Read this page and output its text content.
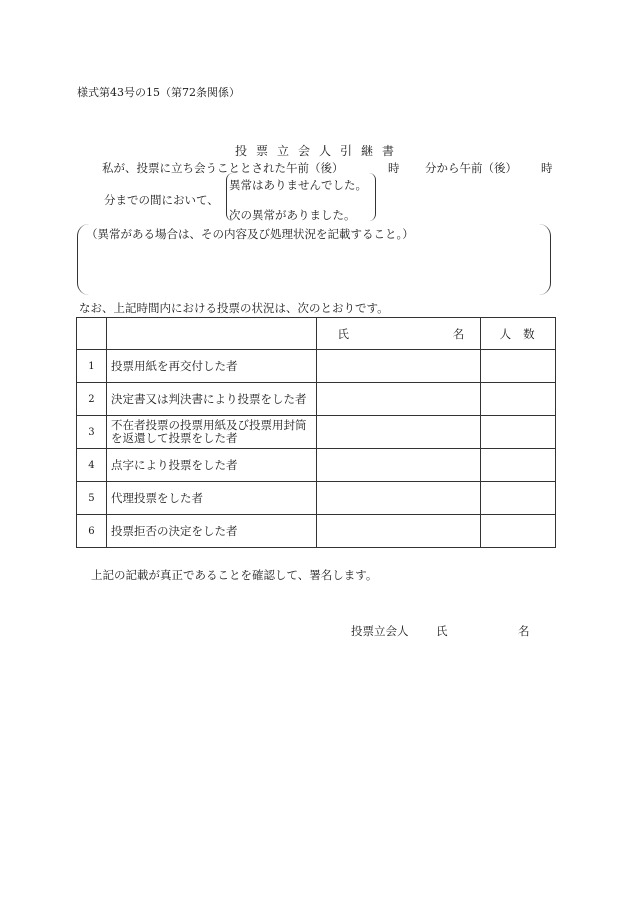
様式第43号の15（第72条関係）
投票立会人引継書
私が、投票に立ち会うこととされた午前（後）	時 分から午前（後） 時
分までの間において、
異常はありませんでした。
次の異常がありました。
（異常がある場合は、その内容及び処理状況を記載すること。）
なお、上記時間内における投票の状況は、次のとおりです。
		氏 名	人数
1	投票用紙を再交付した者		
2	決定書又は判決書により投票をした者		
3	不在者投票の投票用紙及び投票用封筒
を返還して投票をした者		

4	点字により投票をした者		
5	代理投票をした者		
6	投票拒否の決定をした者		
上記の記載が真正であることを確認して、署名します。
投票立会人 氏	名
